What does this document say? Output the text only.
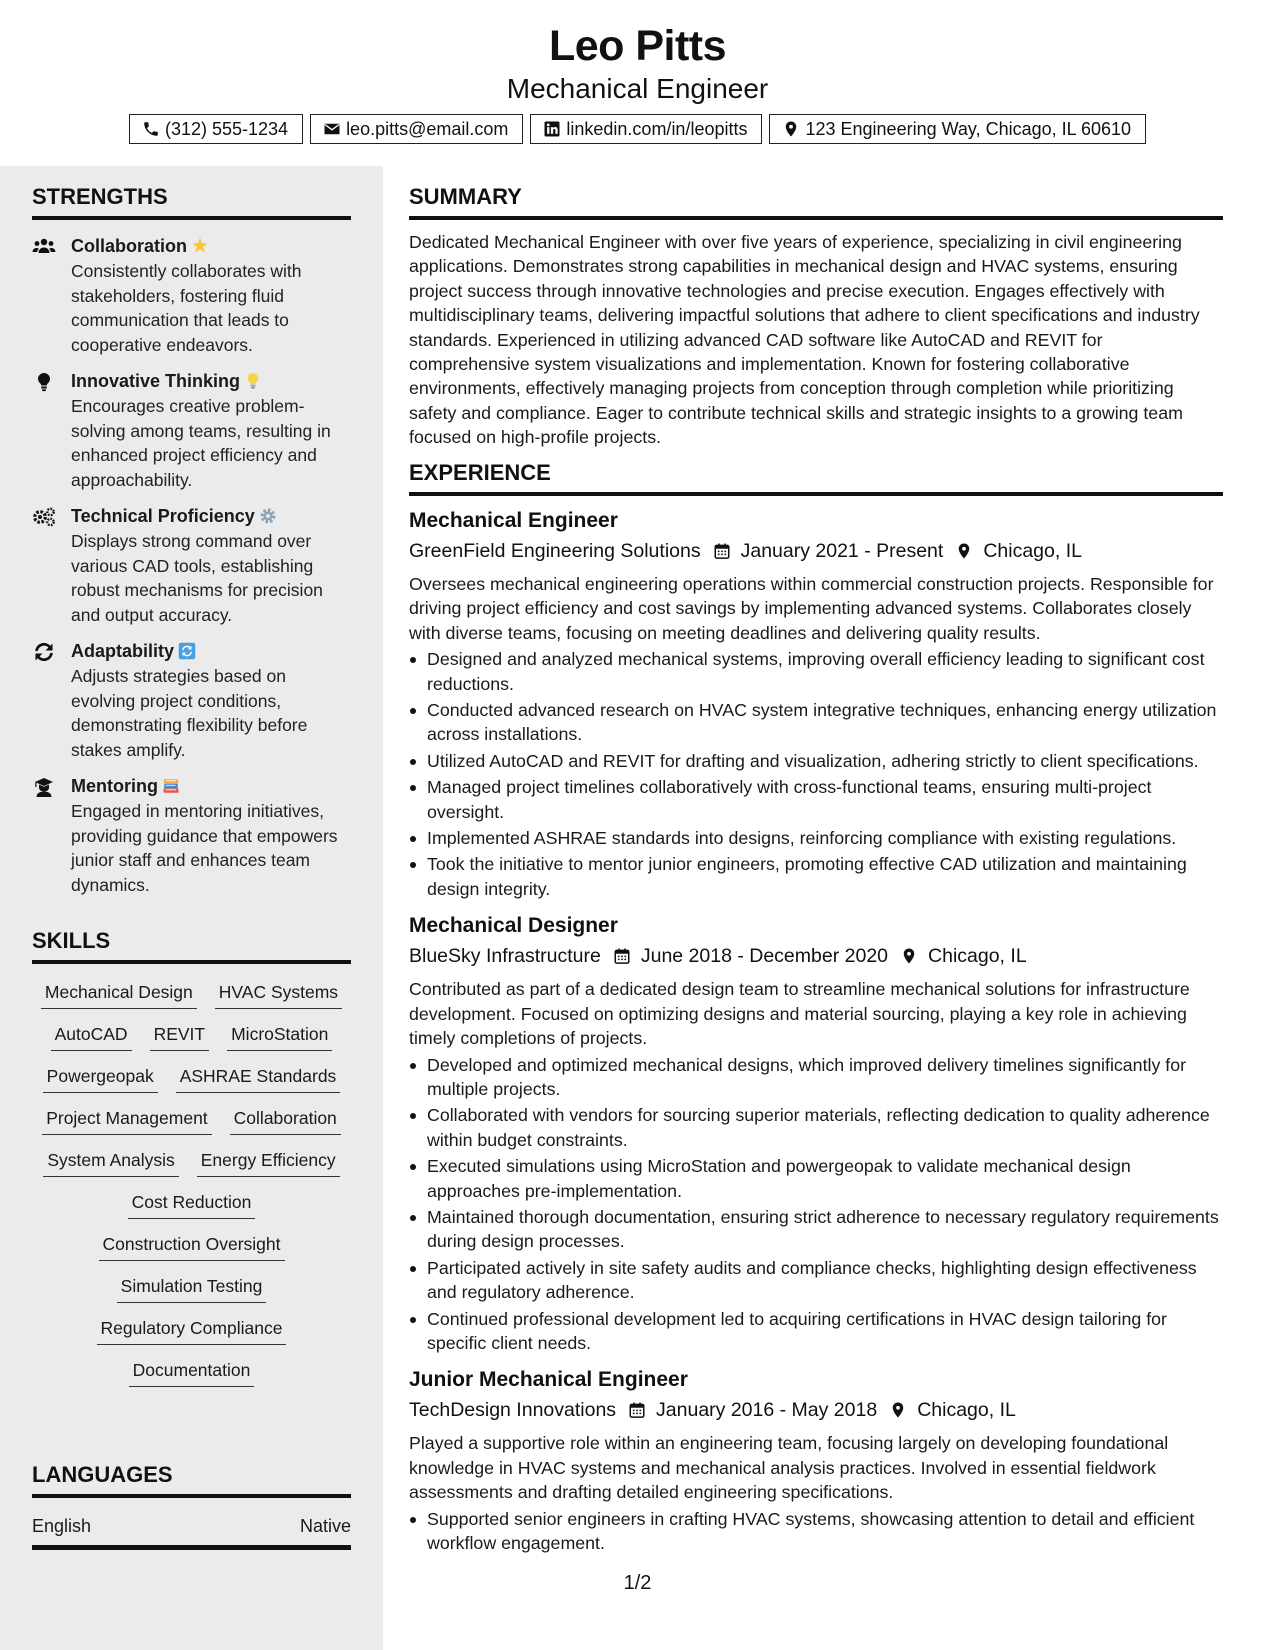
Leo Pitts
Mechanical Engineer
(312) 555-1234	leo.pitts@email.com	linkedin.com/in/leopitts	123 Engineering Way, Chicago, IL 60610
STRENGTHS
Collaboration
Consistently collaborates with stakeholders, fostering fluid communication that leads to cooperative endeavors.
Innovative Thinking
Encourages creative problem-solving among teams, resulting in enhanced project efficiency and approachability.
Technical Proficiency
Displays strong command over various CAD tools, establishing robust mechanisms for precision and output accuracy.
Adaptability
Adjusts strategies based on evolving project conditions, demonstrating flexibility before stakes amplify.
Mentoring
Engaged in mentoring initiatives, providing guidance that empowers junior staff and enhances team dynamics.
SKILLS
Mechanical Design HVAC Systems
AutoCAD REVIT MicroStation
Powergeopak ASHRAE Standards
Project Management Collaboration
System Analysis Energy Efficiency
Cost Reduction
Construction Oversight
Simulation Testing
Regulatory Compliance
Documentation
LANGUAGES
English	Native
SUMMARY

Dedicated Mechanical Engineer with over five years of experience, specializing in civil engineering applications. Demonstrates strong capabilities in mechanical design and HVAC systems, ensuring project success through innovative technologies and precise execution. Engages effectively with multidisciplinary teams, delivering impactful solutions that adhere to client specifications and industry standards. Experienced in utilizing advanced CAD software like AutoCAD and REVIT for comprehensive system visualizations and implementation. Known for fostering collaborative environments, effectively managing projects from conception through completion while prioritizing safety and compliance. Eager to contribute technical skills and strategic insights to a growing team focused on high-profile projects.

EXPERIENCE
Mechanical Engineer
GreenField Engineering Solutions January 2021 - Present Chicago, IL
Oversees mechanical engineering operations within commercial construction projects. Responsible for driving project efficiency and cost savings by implementing advanced systems. Collaborates closely with diverse teams, focusing on meeting deadlines and delivering quality results.
Designed and analyzed mechanical systems, improving overall efficiency leading to significant cost reductions.
Conducted advanced research on HVAC system integrative techniques, enhancing energy utilization across installations.
Utilized AutoCAD and REVIT for drafting and visualization, adhering strictly to client specifications.
Managed project timelines collaboratively with cross-functional teams, ensuring multi-project oversight.
Implemented ASHRAE standards into designs, reinforcing compliance with existing regulations.
Took the initiative to mentor junior engineers, promoting effective CAD utilization and maintaining design integrity.
Mechanical Designer
BlueSky Infrastructure June 2018 - December 2020 Chicago, IL
Contributed as part of a dedicated design team to streamline mechanical solutions for infrastructure development. Focused on optimizing designs and material sourcing, playing a key role in achieving timely completions of projects.
Developed and optimized mechanical designs, which improved delivery timelines significantly for multiple projects.
Collaborated with vendors for sourcing superior materials, reflecting dedication to quality adherence within budget constraints.
Executed simulations using MicroStation and powergeopak to validate mechanical design approaches pre-implementation.
Maintained thorough documentation, ensuring strict adherence to necessary regulatory requirements during design processes.
Participated actively in site safety audits and compliance checks, highlighting design effectiveness and regulatory adherence.
Continued professional development led to acquiring certifications in HVAC design tailoring for specific client needs.
Junior Mechanical Engineer
TechDesign Innovations January 2016 - May 2018 Chicago, IL
Played a supportive role within an engineering team, focusing largely on developing foundational knowledge in HVAC systems and mechanical analysis practices. Involved in essential fieldwork assessments and drafting detailed engineering specifications.
Supported senior engineers in crafting HVAC systems, showcasing attention to detail and efficient workflow engagement.
1/2
